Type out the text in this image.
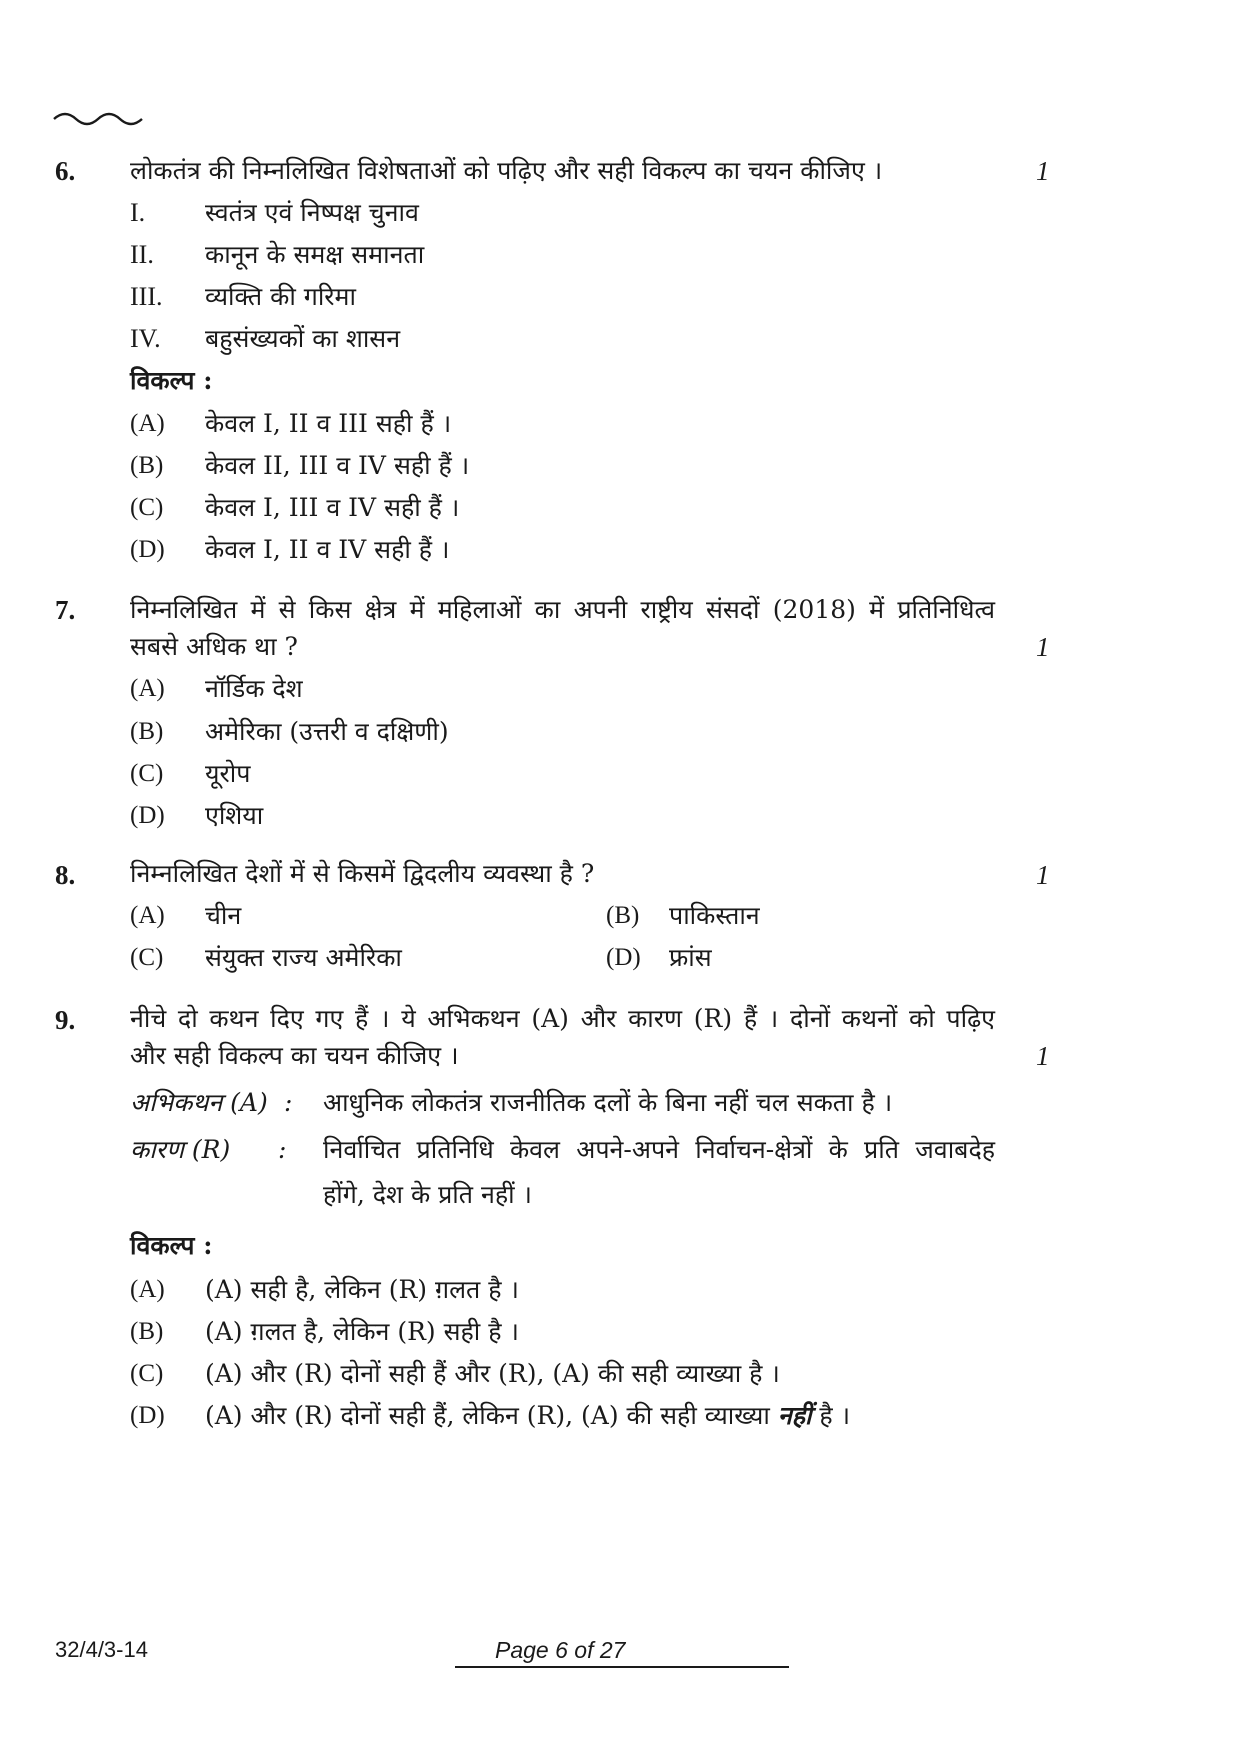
6. लोकतंत्र की निम्नलिखित विशेषताओं को पढ़िए और सही विकल्प का चयन कीजिए ।	1
I. स्वतंत्र एवं निष्पक्ष चुनाव
II. कानून के समक्ष समानता
III. व्यक्ति की गरिमा
IV. बहुसंख्यकों का शासन
विकल्प :
(A) केवल I, II व III सही हैं ।
(B) केवल II, III व IV सही हैं ।
(C) केवल I, III व IV सही हैं ।
(D) केवल I, II व IV सही हैं ।
7. निम्नलिखित में से किस क्षेत्र में महिलाओं का अपनी राष्ट्रीय संसदों (2018) में प्रतिनिधित्व
सबसे अधिक था ?	1
(A) नॉर्डिक देश
(B) अमेरिका (उत्तरी व दक्षिणी)
(C) यूरोप
(D) एशिया
8. निम्नलिखित देशों में से किसमें द्विदलीय व्यवस्था है ?	1
(A) चीन	(B) पाकिस्तान
(C) संयुक्त राज्य अमेरिका	(D) फ्रांस
9. नीचे दो कथन दिए गए हैं । ये अभिकथन (A) और कारण (R) हैं । दोनों कथनों को पढ़िए
और सही विकल्प का चयन कीजिए ।	1
अभिकथन (A) : आधुनिक लोकतंत्र राजनीतिक दलों के बिना नहीं चल सकता है ।
कारण (R) : निर्वाचित प्रतिनिधि केवल अपने-अपने निर्वाचन-क्षेत्रों के प्रति जवाबदेह
होंगे, देश के प्रति नहीं ।
विकल्प :
(A) (A) सही है, लेकिन (R) ग़लत है ।
(B) (A) ग़लत है, लेकिन (R) सही है ।
(C) (A) और (R) दोनों सही हैं और (R), (A) की सही व्याख्या है ।
(D) (A) और (R) दोनों सही हैं, लेकिन (R), (A) की सही व्याख्या नहीं है ।
32/4/3-14	Page 6 of 27
